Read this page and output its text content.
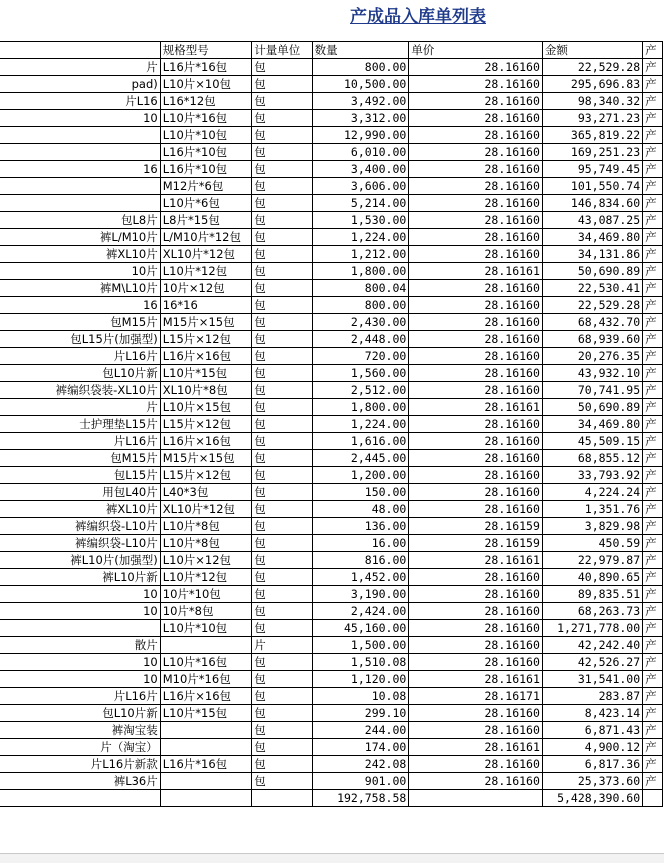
产成品入库单列表
	规格型号	计量单位	数量	单价	金额	产
片	L16片*16包	包	800.00	28.16160	22,529.28	产
pad)	L10片×10包	包	10,500.00	28.16160	295,696.83	产
片L16	L16*12包	包	3,492.00	28.16160	98,340.32	产
10	L10片*16包	包	3,312.00	28.16160	93,271.23	产
	L10片*10包	包	12,990.00	28.16160	365,819.22	产
	L16片*10包	包	6,010.00	28.16160	169,251.23	产
16	L16片*10包	包	3,400.00	28.16160	95,749.45	产
	M12片*6包	包	3,606.00	28.16160	101,550.74	产
	L10片*6包	包	5,214.00	28.16160	146,834.60	产
包L8片	L8片*15包	包	1,530.00	28.16160	43,087.25	产
裤L/M10片	L/M10片*12包	包	1,224.00	28.16160	34,469.80	产
裤XL10片	XL10片*12包	包	1,212.00	28.16160	34,131.86	产
10片	L10片*12包	包	1,800.00	28.16161	50,690.89	产
裤M\L10片	10片×12包	包	800.04	28.16160	22,530.41	产
16	16*16	包	800.00	28.16160	22,529.28	产
包M15片	M15片×15包	包	2,430.00	28.16160	68,432.70	产
包L15片(加强型)	L15片×12包	包	2,448.00	28.16160	68,939.60	产
片L16片	L16片×16包	包	720.00	28.16160	20,276.35	产
包L10片新	L10片*15包	包	1,560.00	28.16160	43,932.10	产
裤编织袋装-XL10片	XL10片*8包	包	2,512.00	28.16160	70,741.95	产
片	L10片×15包	包	1,800.00	28.16161	50,690.89	产
士护理垫L15片	L15片×12包	包	1,224.00	28.16160	34,469.80	产
片L16片	L16片×16包	包	1,616.00	28.16160	45,509.15	产
包M15片	M15片×15包	包	2,445.00	28.16160	68,855.12	产
包L15片	L15片×12包	包	1,200.00	28.16160	33,793.92	产
用包L40片	L40*3包	包	150.00	28.16160	4,224.24	产
裤XL10片	XL10片*12包	包	48.00	28.16160	1,351.76	产
裤编织袋-L10片	L10片*8包	包	136.00	28.16159	3,829.98	产
裤编织袋-L10片	L10片*8包	包	16.00	28.16159	450.59	产
裤L10片(加强型)	L10片×12包	包	816.00	28.16161	22,979.87	产
裤L10片新	L10片*12包	包	1,452.00	28.16160	40,890.65	产
10	10片*10包	包	3,190.00	28.16160	89,835.51	产
10	10片*8包	包	2,424.00	28.16160	68,263.73	产
	L10片*10包	包	45,160.00	28.16160	1,271,778.00	产
散片		片	1,500.00	28.16160	42,242.40	产
10	L10片*16包	包	1,510.08	28.16160	42,526.27	产
10	M10片*16包	包	1,120.00	28.16161	31,541.00	产
片L16片	L16片×16包	包	10.08	28.16171	283.87	产
包L10片新	L10片*15包	包	299.10	28.16160	8,423.14	产
裤淘宝装		包	244.00	28.16160	6,871.43	产
片（淘宝）		包	174.00	28.16161	4,900.12	产
片L16片新款	L16片*16包	包	242.08	28.16160	6,817.36	产
裤L36片		包	901.00	28.16160	25,373.60	产
			192,758.58		5,428,390.60	
